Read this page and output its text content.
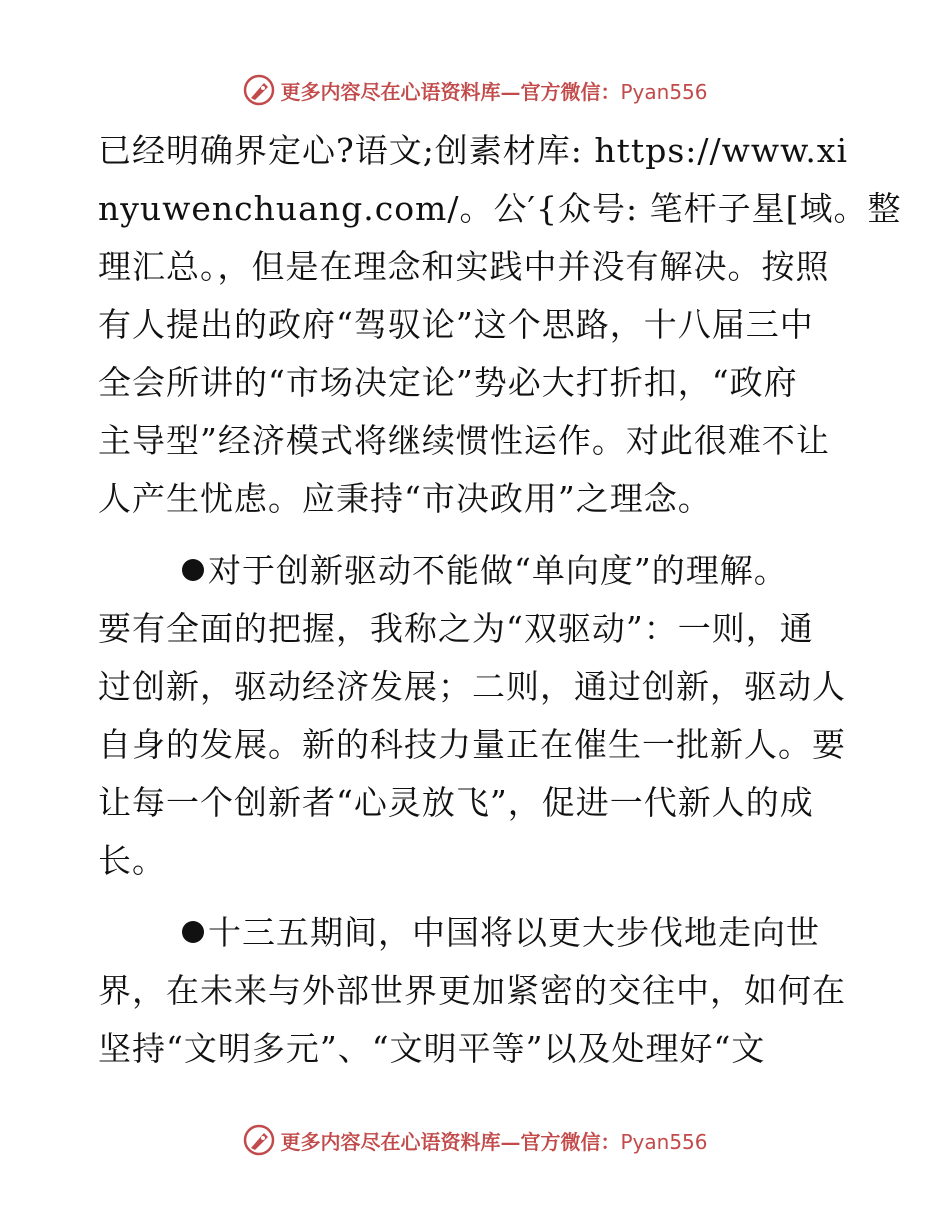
更多内容尽在心语资料库—官方微信：Pyan556
已经明确界定心?语文;创素材库: https://www.xi
nyuwenchuang.com/。公′{众号: 笔杆子星[域。整
理汇总。，但是在理念和实践中并没有解决。按照
有人提出的政府“驾驭论”这个思路，十八届三中
全会所讲的“市场决定论”势必大打折扣，“政府
主导型”经济模式将继续惯性运作。对此很难不让
人产生忧虑。应秉持“市决政用”之理念。
对于创新驱动不能做“单向度”的理解。
要有全面的把握，我称之为“双驱动”：一则，通
过创新，驱动经济发展；二则，通过创新，驱动人
自身的发展。新的科技力量正在催生一批新人。要
让每一个创新者“心灵放飞”，促进一代新人的成
长。
十三五期间，中国将以更大步伐地走向世
界，在未来与外部世界更加紧密的交往中，如何在
坚持“文明多元”、“文明平等”以及处理好“文
更多内容尽在心语资料库—官方微信：Pyan556
